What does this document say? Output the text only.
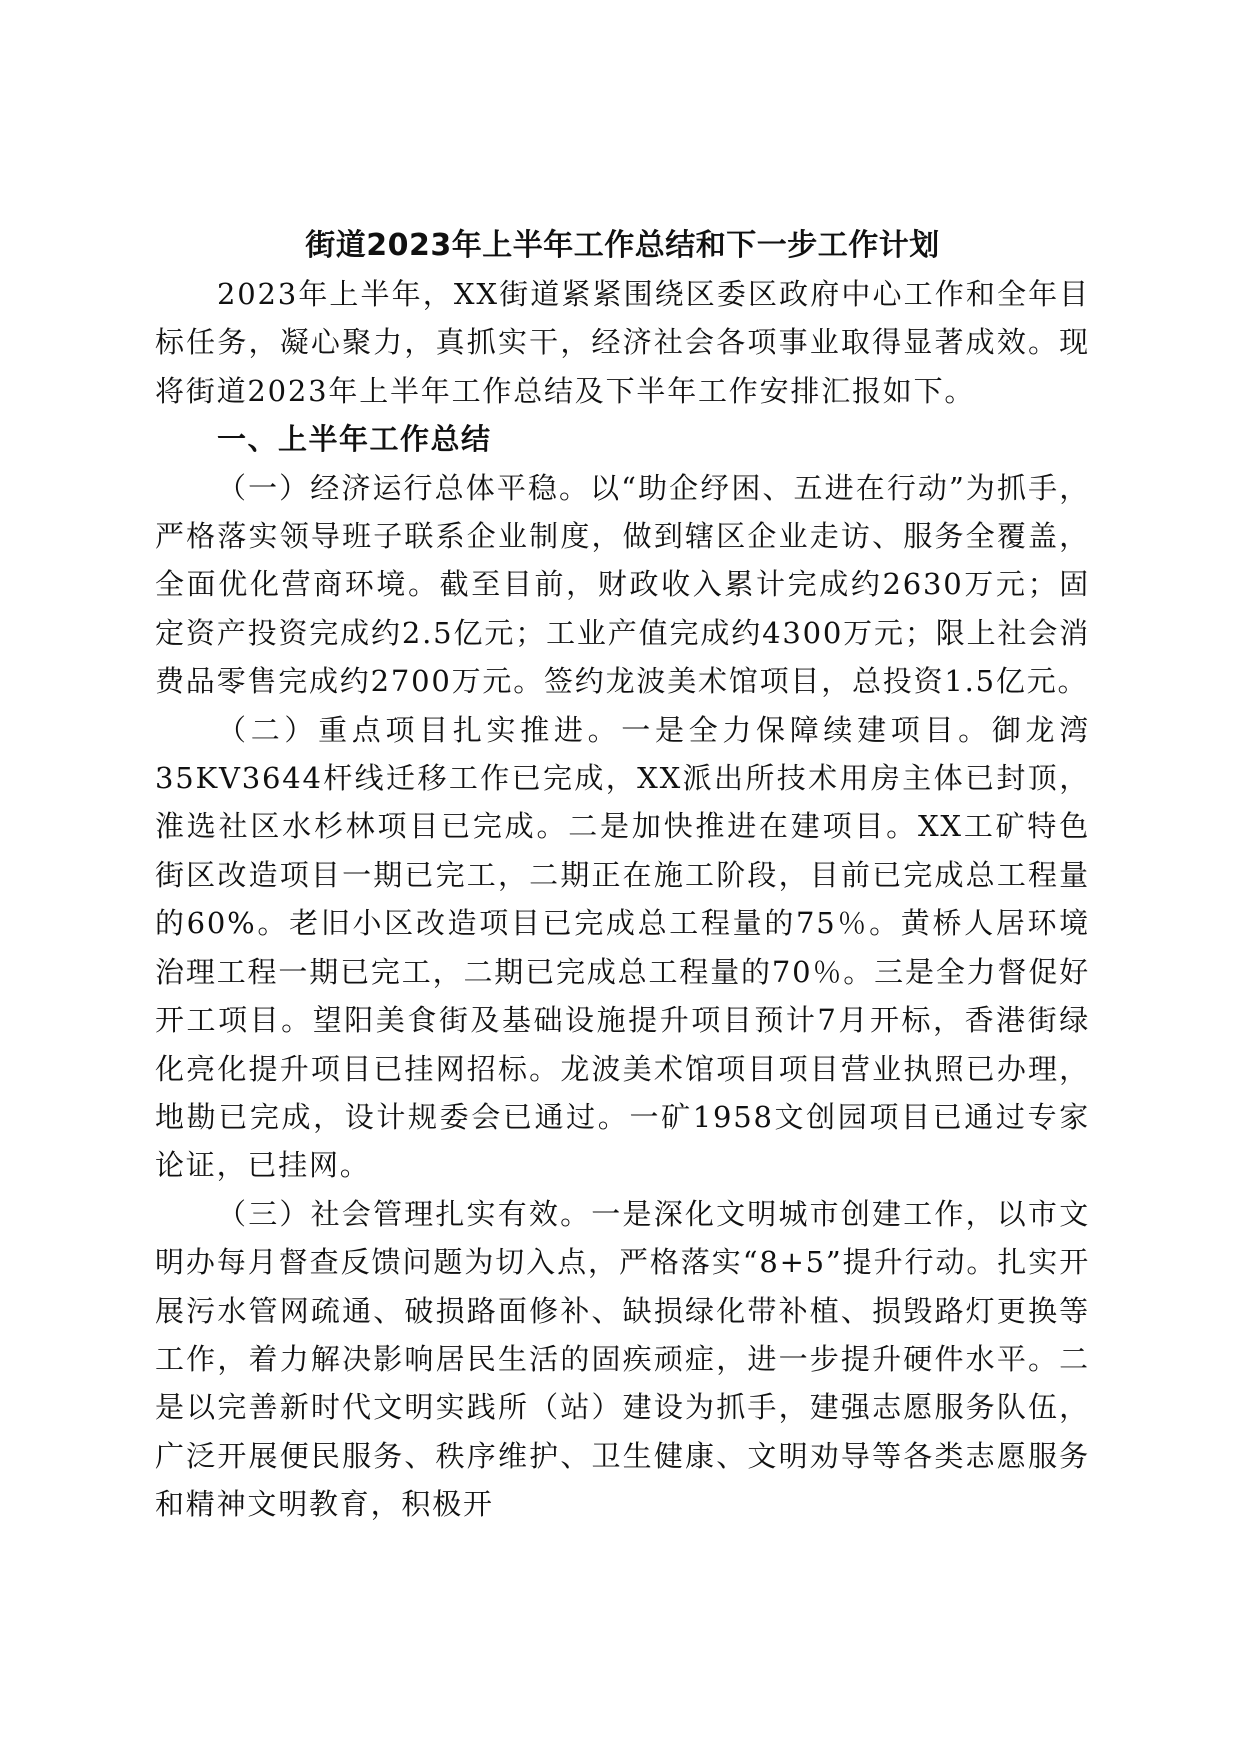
街道2023年上半年工作总结和下一步工作计划

2023年上半年，XX街道紧紧围绕区委区政府中心工作和全年目标任务，凝心聚力，真抓实干，经济社会各项事业取得显著成效。现将街道2023年上半年工作总结及下半年工作安排汇报如下。

一、上半年工作总结

（一）经济运行总体平稳。以“助企纾困、五进在行动”为抓手，严格落实领导班子联系企业制度，做到辖区企业走访、服务全覆盖，全面优化营商环境。截至目前，财政收入累计完成约2630万元；固定资产投资完成约2.5亿元；工业产值完成约4300万元；限上社会消费品零售完成约2700万元。签约龙波美术馆项目，总投资1.5亿元。

（二）重点项目扎实推进。一是全力保障续建项目。御龙湾35KV3644杆线迁移工作已完成，XX派出所技术用房主体已封顶，淮选社区水杉林项目已完成。二是加快推进在建项目。XX工矿特色街区改造项目一期已完工，二期正在施工阶段，目前已完成总工程量的60%。老旧小区改造项目已完成总工程量的75％。黄桥人居环境治理工程一期已完工，二期已完成总工程量的70％。三是全力督促好开工项目。望阳美食街及基础设施提升项目预计7月开标，香港街绿化亮化提升项目已挂网招标。龙波美术馆项目项目营业执照已办理，地勘已完成，设计规委会已通过。一矿1958文创园项目已通过专家论证，已挂网。

（三）社会管理扎实有效。一是深化文明城市创建工作，以市文明办每月督查反馈问题为切入点，严格落实“8+5”提升行动。扎实开展污水管网疏通、破损路面修补、缺损绿化带补植、损毁路灯更换等工作，着力解决影响居民生活的固疾顽症，进一步提升硬件水平。二是以完善新时代文明实践所（站）建设为抓手，建强志愿服务队伍，广泛开展便民服务、秩序维护、卫生健康、文明劝导等各类志愿服务和精神文明教育，积极开
